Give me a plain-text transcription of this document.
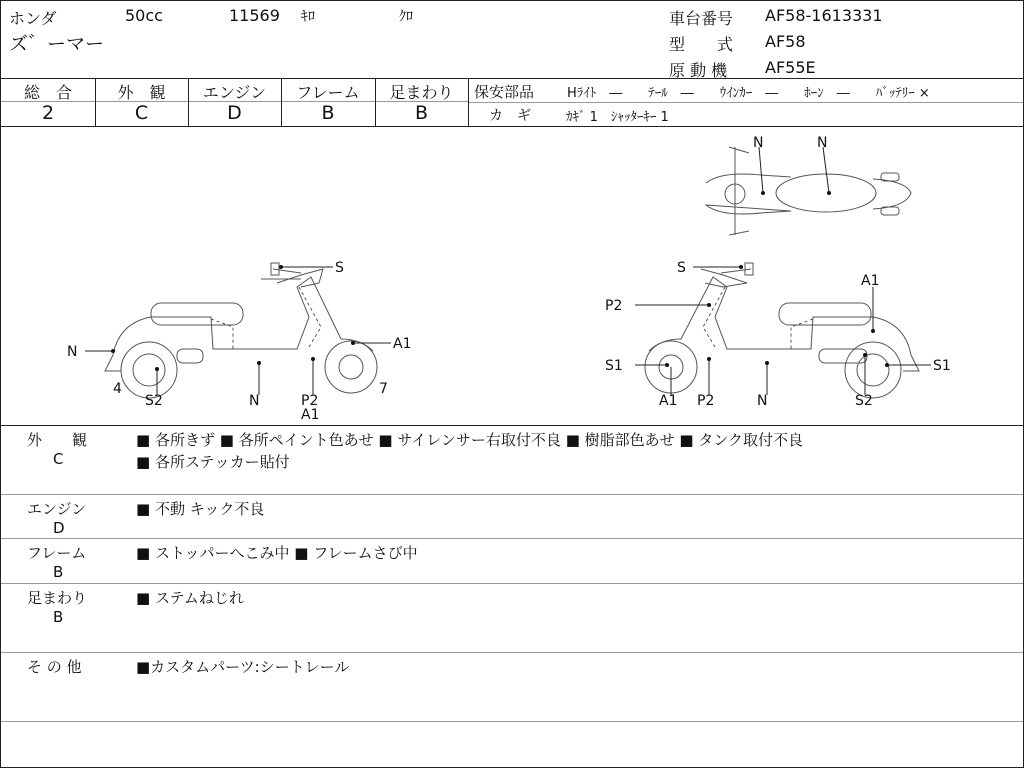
ホンダ	50cc	11569 ｷﾛ	ｸﾛ
ズ゛ーマー
車台番号 AF58-1613331
型　　式 AF58
原 動 機 AF55E
総　合	外　観	エンジン	フレーム	足まわり
2	C	D	B	B
保安部品	Hﾗｲﾄ　―　　ﾃｰﾙ　―　　ｳｲﾝｶｰ　―　　ﾎｰﾝ　―　　ﾊﾞｯﾃﾘｰ ×
カ　ギ	ｶｷﾞ 1　ｼｬｯﾀｰｷｰ 1
N	N
S
N	A1
4
S2	N	P2
A1
7
S
A1
P2
S1	S1
A1 P2	N	S2
外　　観
C
■ 各所きず ■ 各所ペイント色あせ ■ サイレンサー右取付不良 ■ 樹脂部色あせ ■ タンク取付不良
■ 各所ステッカー貼付
エンジン
D
■ 不動 キック不良
フレーム
B
■ ストッパーへこみ中 ■ フレームさび中
足まわり
B
■ ステムねじれ
そ の 他	■カスタムパーツ:シートレール
